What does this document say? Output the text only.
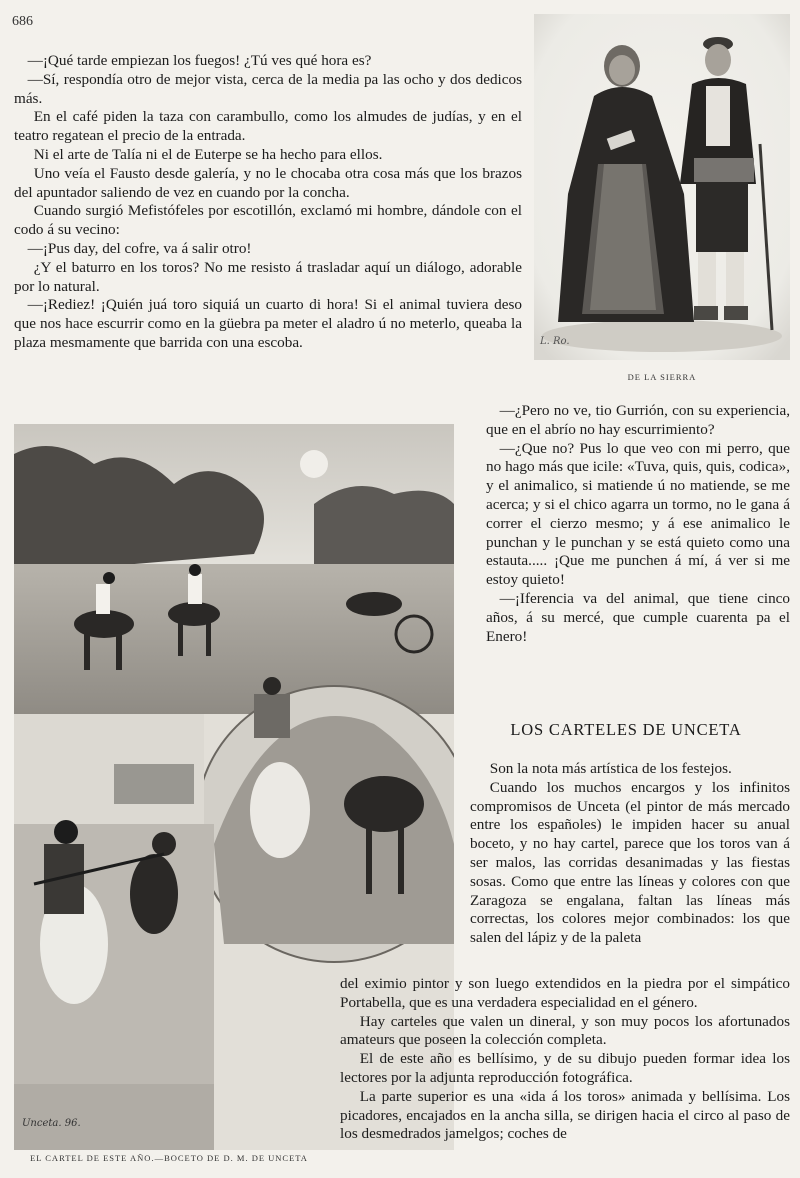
686

—¡Qué tarde empiezan los fuegos! ¿Tú ves qué hora es?

—Sí, respondía otro de mejor vista, cerca de la media pa las ocho y dos dedicos más.

En el café piden la taza con carambullo, como los almudes de judías, y en el teatro regatean el precio de la entrada.

Ni el arte de Talía ni el de Euterpe se ha hecho para ellos.

Uno veía el Fausto desde galería, y no le chocaba otra cosa más que los brazos del apuntador saliendo de vez en cuando por la concha.

Cuando surgió Mefistófeles por escotillón, exclamó mi hombre, dándole con el codo á su vecino:

—¡Pus day, del cofre, va á salir otro!

¿Y el baturro en los toros? No me resisto á trasladar aquí un diálogo, adorable por lo natural.

—¡Rediez! ¡Quién juá toro siquiá un cuarto di hora! Si el animal tuviera deso que nos hace escurrir como en la güebra pa meter el aladro ú no meterlo, queaba la plaza mesmamente que barrida con una escoba.	L. Ro.
DE LA SIERRA
Unceta. 96.
EL CARTEL DE ESTE AÑO.—BOCETO DE D. M. DE UNCETA

—¿Pero no ve, tio Gurrión, con su experiencia, que en el abrío no hay escurrimiento?

—¿Que no? Pus lo que veo con mi perro, que no hago más que icile: «Tuva, quis, quis, codica», y el animalico, si matiende ú no matiende, se me acerca; y si el chico agarra un tormo, no le gana á correr el cierzo mesmo; y á ese animalico le punchan y le punchan y se está quieto como una estauta..... ¡Que me punchen á mí, á ver si me estoy quieto!

—¡Iferencia va del animal, que tiene cinco años, á su mercé, que cumple cuarenta pa el Enero!

LOS CARTELES DE UNCETA

Son la nota más artística de los festejos.

Cuando los muchos encargos y los infinitos compromisos de Unceta (el pintor de más mercado entre los españoles) le impiden hacer su anual boceto, y no hay cartel, parece que los toros van á ser malos, las corridas desanimadas y las fiestas sosas. Como que entre las líneas y colores con que Zaragoza se engalana, faltan las líneas más correctas, los colores mejor combinados: los que salen del lápiz y de la paleta

del eximio pintor y son luego extendidos en la piedra por el simpático Portabella, que es una verdadera especialidad en el género.

Hay carteles que valen un dineral, y son muy pocos los afortunados amateurs que poseen la colección completa.

El de este año es bellísimo, y de su dibujo pueden formar idea los lectores por la adjunta reproducción fotográfica.

La parte superior es una «ida á los toros» animada y bellísima. Los picadores, encajados en la ancha silla, se dirigen hacia el circo al paso de los desmedrados jamelgos; coches de
